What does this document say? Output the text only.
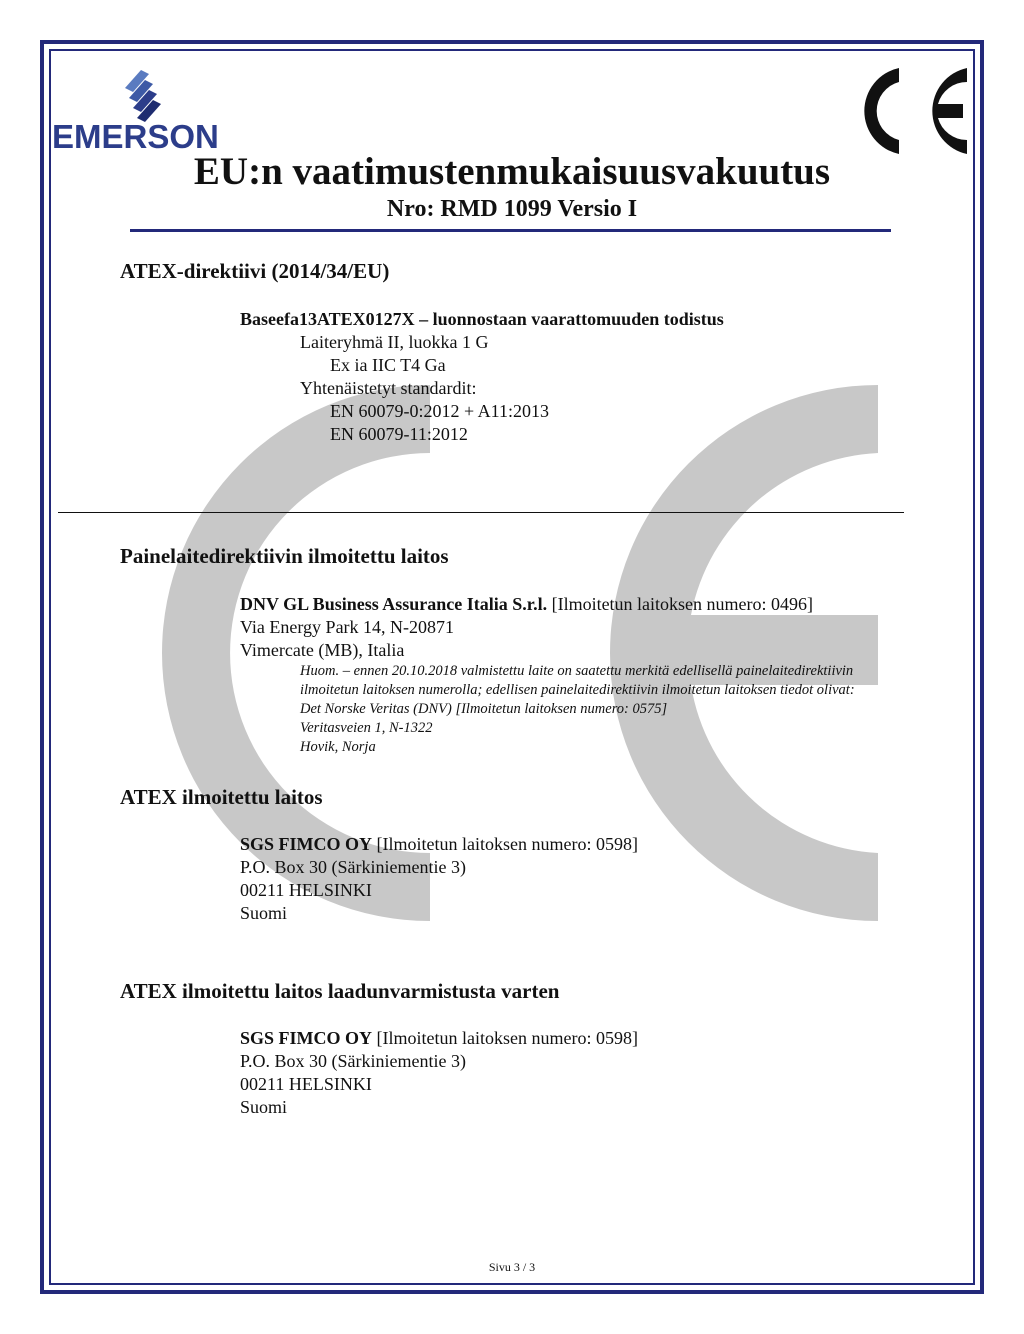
EMERSON
EU:n vaatimustenmukaisuusvakuutus
Nro: RMD 1099 Versio I
ATEX-direktiivi (2014/34/EU)
Baseefa13ATEX0127X – luonnostaan vaarattomuuden todistus
Laiteryhmä II, luokka 1 G
Ex ia IIC T4 Ga
Yhtenäistetyt standardit:
EN 60079-0:2012 + A11:2013
EN 60079-11:2012
Painelaitedirektiivin ilmoitettu laitos
DNV GL Business Assurance Italia S.r.l. [Ilmoitetun laitoksen numero: 0496]
Via Energy Park 14, N-20871
Vimercate (MB), Italia
Huom. – ennen 20.10.2018 valmistettu laite on saatettu merkitä edellisellä painelaitedirektiivin
ilmoitetun laitoksen numerolla; edellisen painelaitedirektiivin ilmoitetun laitoksen tiedot olivat:
Det Norske Veritas (DNV) [Ilmoitetun laitoksen numero: 0575]
Veritasveien 1, N-1322
Hovik, Norja
ATEX ilmoitettu laitos
SGS FIMCO OY [Ilmoitetun laitoksen numero: 0598]
P.O. Box 30 (Särkiniementie 3)
00211 HELSINKI
Suomi
ATEX ilmoitettu laitos laadunvarmistusta varten
SGS FIMCO OY [Ilmoitetun laitoksen numero: 0598]
P.O. Box 30 (Särkiniementie 3)
00211 HELSINKI
Suomi
Sivu 3 / 3
